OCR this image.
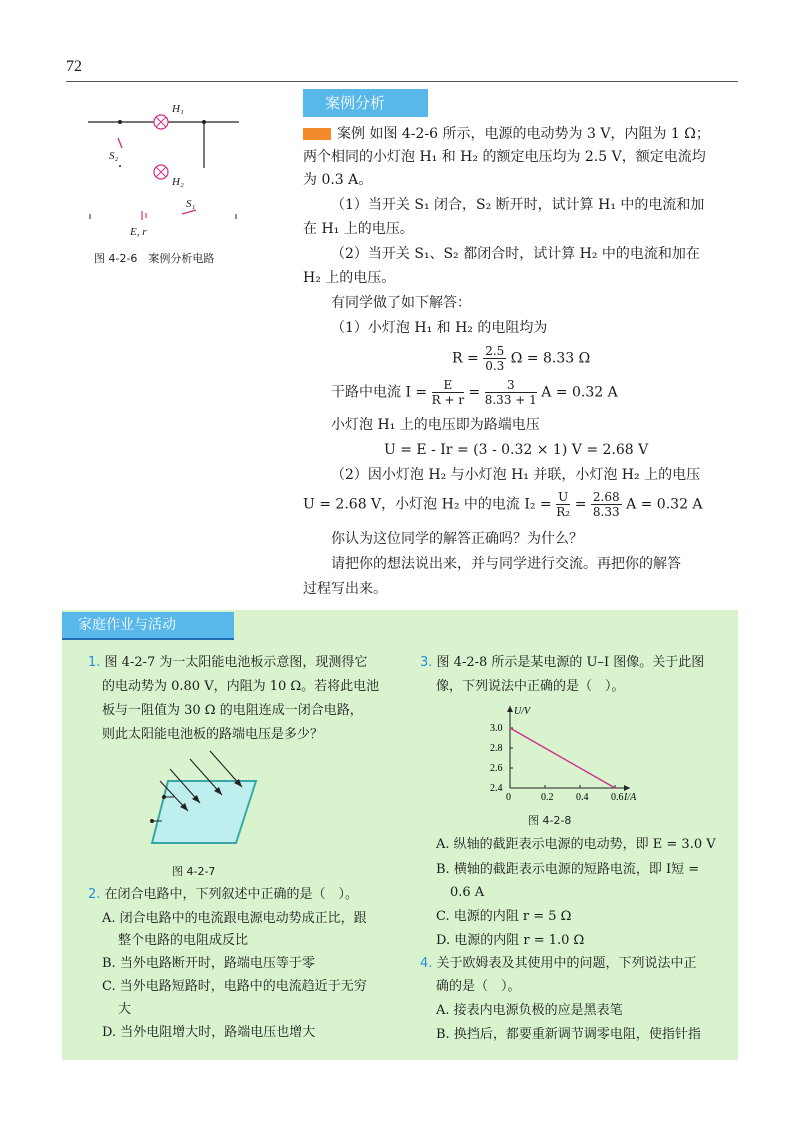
72
H₁
H₂
S₂
S₁
E, r
图 4-2-6　案例分析电路
案例分析
案例 如图 4-2-6 所示，电源的电动势为 3 V，内阻为 1 Ω；
两个相同的小灯泡 H₁ 和 H₂ 的额定电压均为 2.5 V，额定电流均
为 0.3 A。
（1）当开关 S₁ 闭合，S₂ 断开时，试计算 H₁ 中的电流和加
在 H₁ 上的电压。
（2）当开关 S₁、S₂ 都闭合时，试计算 H₂ 中的电流和加在
H₂ 上的电压。
有同学做了如下解答：
（1）小灯泡 H₁ 和 H₂ 的电阻均为
$R = \frac{2.5}{0.3}$ Ω = 8.33 Ω
干路中电流 $I = \frac{E}{R + r} = \frac{3}{8.33 + 1}$ A = 0.32 A
小灯泡 H₁ 上的电压即为路端电压
U = E - Ir = (3 - 0.32 × 1) V = 2.68 V
（2）因小灯泡 H₂ 与小灯泡 H₁ 并联，小灯泡 H₂ 上的电压
U = 2.68 V，小灯泡 H₂ 中的电流 $I_2 = \frac{U}{\text{R₂}} = \frac{2.68}{8.33}$ A = 0.32 A
你认为这位同学的解答正确吗？为什么？
请把你的想法说出来，并与同学进行交流。再把你的解答
过程写出来。
家庭作业与活动
1. 图 4-2-7 为一太阳能电池板示意图，现测得它
的电动势为 0.80 V，内阻为 10 Ω。若将此电池
板与一阻值为 30 Ω 的电阻连成一闭合电路，
则此太阳能电池板的路端电压是多少？
图 4-2-7
2. 在闭合电路中，下列叙述中正确的是（　）。
A. 闭合电路中的电流跟电源电动势成正比，跟
整个电路的电阻成反比
B. 当外电路断开时，路端电压等于零
C. 当外电路短路时，电路中的电流趋近于无穷
大
D. 当外电阻增大时，路端电压也增大
3. 图 4-2-8 所示是某电源的 U–I 图像。关于此图
像，下列说法中正确的是（　）。
U/V
I/A
0	0.2 0.4 0.6
2.4
2.6
2.8
3.0
图 4-2-8
A. 纵轴的截距表示电源的电动势，即 E = 3.0 V
B. 横轴的截距表示电源的短路电流，即 I短 =
0.6 A
C. 电源的内阻 r = 5 Ω
D. 电源的内阻 r = 1.0 Ω
4. 关于欧姆表及其使用中的问题，下列说法中正
确的是（　）。
A. 接表内电源负极的应是黑表笔
B. 换挡后，都要重新调节调零电阻，使指针指
